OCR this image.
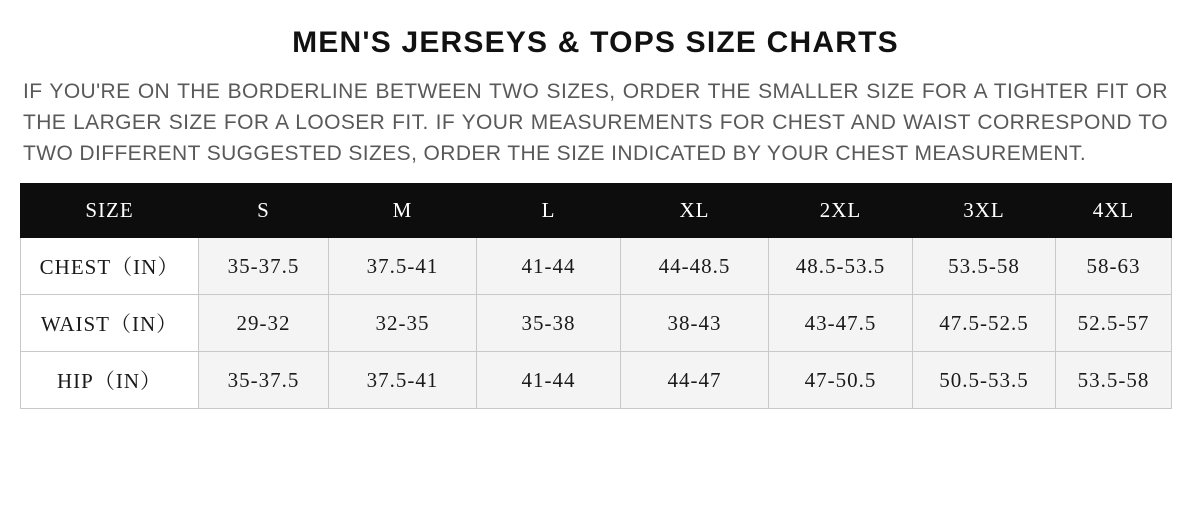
MEN'S JERSEYS & TOPS SIZE CHARTS

IF YOU'RE ON THE BORDERLINE BETWEEN TWO SIZES, ORDER THE SMALLER SIZE FOR A TIGHTER FIT OR THE LARGER SIZE FOR A LOOSER FIT. IF YOUR MEASUREMENTS FOR CHEST AND WAIST CORRESPOND TO TWO DIFFERENT SUGGESTED SIZES, ORDER THE SIZE INDICATED BY YOUR CHEST MEASUREMENT.

SIZE	S	M	L	XL	2XL	3XL	4XL
CHEST（IN）	35-37.5	37.5-41	41-44	44-48.5	48.5-53.5	53.5-58	58-63
WAIST（IN）	29-32	32-35	35-38	38-43	43-47.5	47.5-52.5	52.5-57
HIP（IN）	35-37.5	37.5-41	41-44	44-47	47-50.5	50.5-53.5	53.5-58
